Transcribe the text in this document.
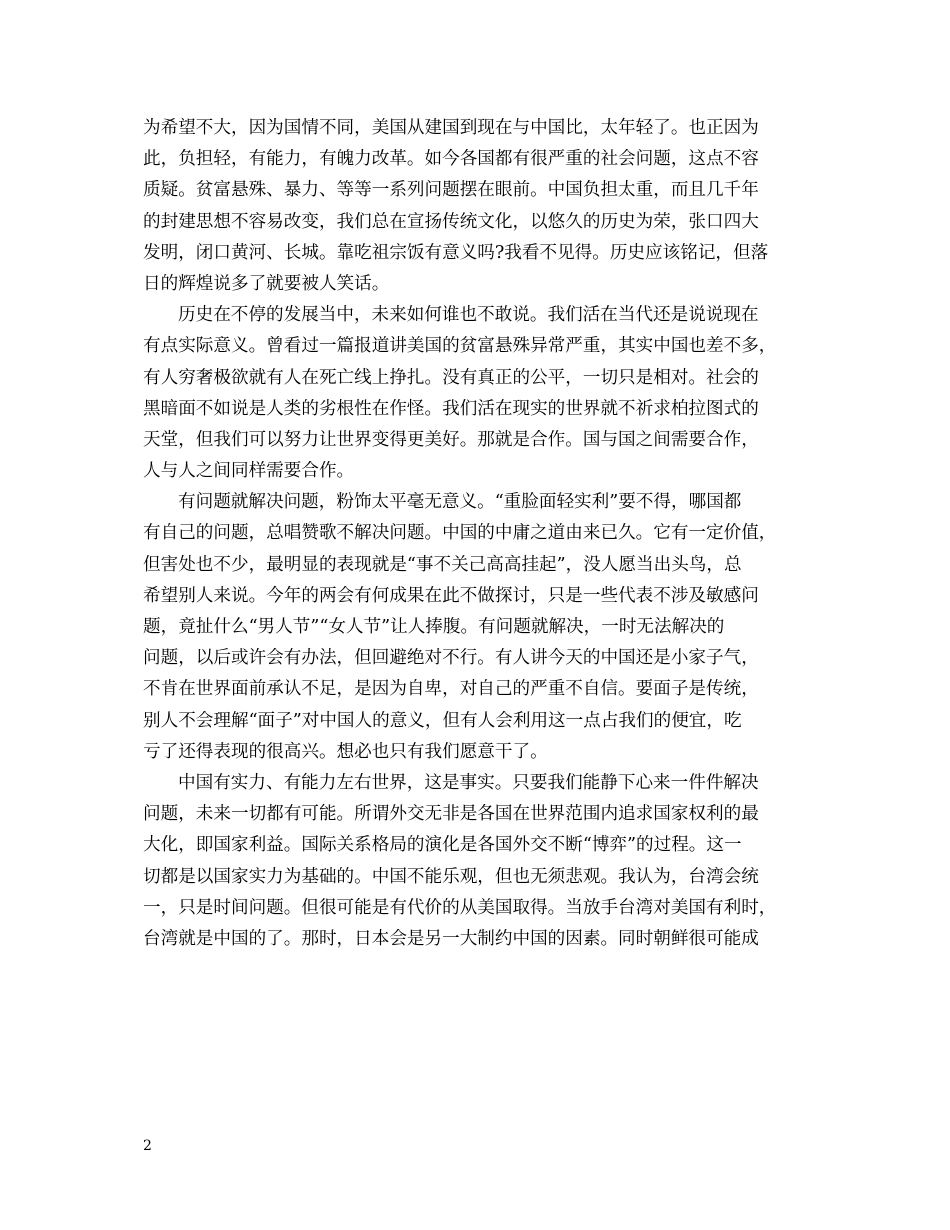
为希望不大，因为国情不同，美国从建国到现在与中国比，太年轻了。也正因为
此，负担轻，有能力，有魄力改革。如今各国都有很严重的社会问题，这点不容
质疑。贫富悬殊、暴力、等等一系列问题摆在眼前。中国负担太重，而且几千年
的封建思想不容易改变，我们总在宣扬传统文化，以悠久的历史为荣，张口四大
发明，闭口黄河、长城。靠吃祖宗饭有意义吗?我看不见得。历史应该铭记，但落
日的辉煌说多了就要被人笑话。
历史在不停的发展当中，未来如何谁也不敢说。我们活在当代还是说说现在
有点实际意义。曾看过一篇报道讲美国的贫富悬殊异常严重，其实中国也差不多，
有人穷奢极欲就有人在死亡线上挣扎。没有真正的公平，一切只是相对。社会的
黑暗面不如说是人类的劣根性在作怪。我们活在现实的世界就不祈求柏拉图式的
天堂，但我们可以努力让世界变得更美好。那就是合作。国与国之间需要合作，
人与人之间同样需要合作。
有问题就解决问题，粉饰太平毫无意义。“重脸面轻实利”要不得，哪国都
有自己的问题，总唱赞歌不解决问题。中国的中庸之道由来已久。它有一定价值，
但害处也不少，最明显的表现就是“事不关己高高挂起”，没人愿当出头鸟，总
希望别人来说。今年的两会有何成果在此不做探讨，只是一些代表不涉及敏感问
题，竟扯什么“男人节”“女人节”让人捧腹。有问题就解决，一时无法解决的
问题，以后或许会有办法，但回避绝对不行。有人讲今天的中国还是小家子气，
不肯在世界面前承认不足，是因为自卑，对自己的严重不自信。要面子是传统，
别人不会理解“面子”对中国人的意义，但有人会利用这一点占我们的便宜，吃
亏了还得表现的很高兴。想必也只有我们愿意干了。
中国有实力、有能力左右世界，这是事实。只要我们能静下心来一件件解决
问题，未来一切都有可能。所谓外交无非是各国在世界范围内追求国家权利的最
大化，即国家利益。国际关系格局的演化是各国外交不断“博弈”的过程。这一
切都是以国家实力为基础的。中国不能乐观，但也无须悲观。我认为，台湾会统
一，只是时间问题。但很可能是有代价的从美国取得。当放手台湾对美国有利时，
台湾就是中国的了。那时，日本会是另一大制约中国的因素。同时朝鲜很可能成
2
